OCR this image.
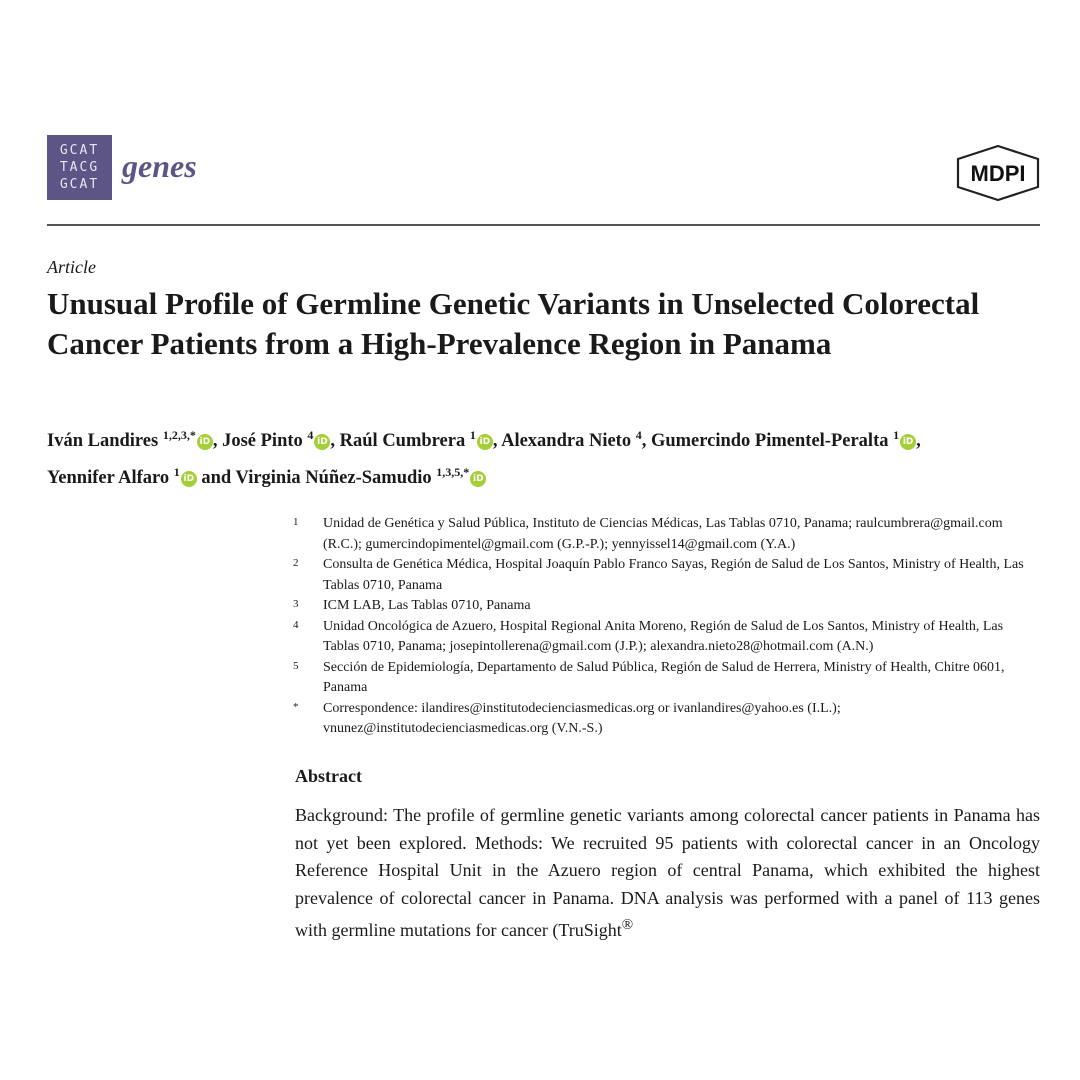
GCAT
TACG
GCAT
genes	MDPI
Article
Unusual Profile of Germline Genetic Variants in Unselected Colorectal Cancer Patients from a High-Prevalence Region in Panama
Iván Landires $^{1,2,3,*}$iD , José Pinto $^4$iD , Raúl Cumbrera $^1$iD , Alexandra Nieto $^4$, Gumercindo Pimentel-Peralta $^1$iD ,
Yennifer Alfaro $^1$iD and Virginia Núñez-Samudio $^{1,3,5,*}$iD
1	Unidad de Genética y Salud Pública, Instituto de Ciencias Médicas, Las Tablas 0710, Panama; raulcumbrera@gmail.com (R.C.); gumercindopimentel@gmail.com (G.P.-P.); yennyissel14@gmail.com (Y.A.)
2	Consulta de Genética Médica, Hospital Joaquín Pablo Franco Sayas, Región de Salud de Los Santos, Ministry of Health, Las Tablas 0710, Panama
3	ICM LAB, Las Tablas 0710, Panama
4	Unidad Oncológica de Azuero, Hospital Regional Anita Moreno, Región de Salud de Los Santos, Ministry of Health, Las Tablas 0710, Panama; josepintollerena@gmail.com (J.P.); alexandra.nieto28@hotmail.com (A.N.)
5	Sección de Epidemiología, Departamento de Salud Pública, Región de Salud de Herrera, Ministry of Health, Chitre 0601, Panama
*	Correspondence: ilandires@institutodecienciasmedicas.org or ivanlandires@yahoo.es (I.L.); vnunez@institutodecienciasmedicas.org (V.N.-S.)
Abstract

Background: The profile of germline genetic variants among colorectal cancer patients in Panama has not yet been explored. Methods: We recruited 95 patients with colorectal cancer in an Oncology Reference Hospital Unit in the Azuero region of central Panama, which exhibited the highest prevalence of colorectal cancer in Panama. DNA analysis was performed with a panel of 113 genes with germline mutations for cancer (TruSight®
